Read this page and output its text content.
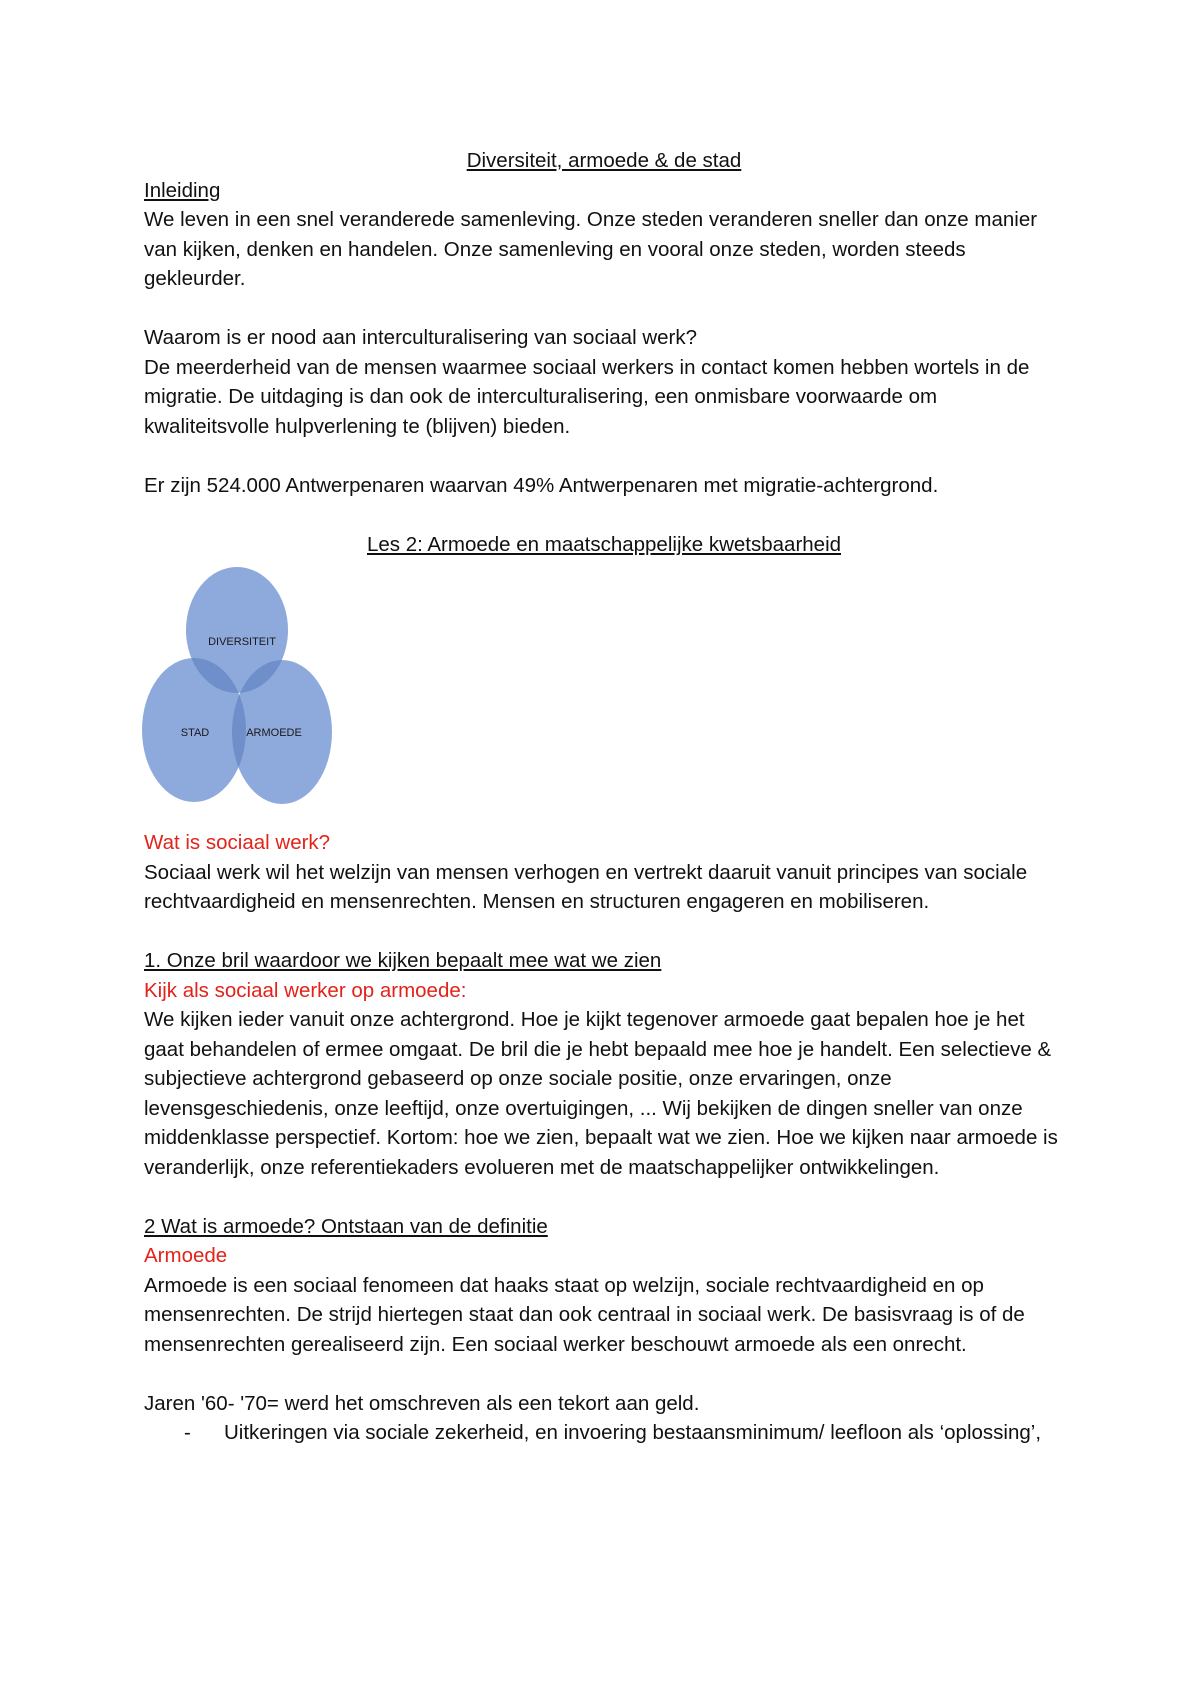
Diversiteit, armoede & de stad

Inleiding

We leven in een snel veranderede samenleving. Onze steden veranderen sneller dan onze manier van kijken, denken en handelen. Onze samenleving en vooral onze steden, worden steeds gekleurder.

Waarom is er nood aan interculturalisering van sociaal werk?

De meerderheid van de mensen waarmee sociaal werkers in contact komen hebben wortels in de migratie. De uitdaging is dan ook de interculturalisering, een onmisbare voorwaarde om kwaliteitsvolle hulpverlening te (blijven) bieden.

Er zijn 524.000 Antwerpenaren waarvan 49% Antwerpenaren met migratie-achtergrond.

Les 2: Armoede en maatschappelijke kwetsbaarheid

DIVERSITEIT
STAD	ARMOEDE

Wat is sociaal werk?

Sociaal werk wil het welzijn van mensen verhogen en vertrekt daaruit vanuit principes van sociale rechtvaardigheid en mensenrechten. Mensen en structuren engageren en mobiliseren.

1. Onze bril waardoor we kijken bepaalt mee wat we zien

Kijk als sociaal werker op armoede:

We kijken ieder vanuit onze achtergrond. Hoe je kijkt tegenover armoede gaat bepalen hoe je het gaat behandelen of ermee omgaat. De bril die je hebt bepaald mee hoe je handelt. Een selectieve & subjectieve achtergrond gebaseerd op onze sociale positie, onze ervaringen, onze levensgeschiedenis, onze leeftijd, onze overtuigingen, ... Wij bekijken de dingen sneller van onze middenklasse perspectief. Kortom: hoe we zien, bepaalt wat we zien. Hoe we kijken naar armoede is veranderlijk, onze referentiekaders evolueren met de maatschappelijker ontwikkelingen.

2 Wat is armoede? Ontstaan van de definitie

Armoede

Armoede is een sociaal fenomeen dat haaks staat op welzijn, sociale rechtvaardigheid en op mensenrechten. De strijd hiertegen staat dan ook centraal in sociaal werk. De basisvraag is of de mensenrechten gerealiseerd zijn. Een sociaal werker beschouwt armoede als een onrecht.

Jaren '60- '70= werd het omschreven als een tekort aan geld.

-	Uitkeringen via sociale zekerheid, en invoering bestaansminimum/ leefloon als ‘oplossing’,
